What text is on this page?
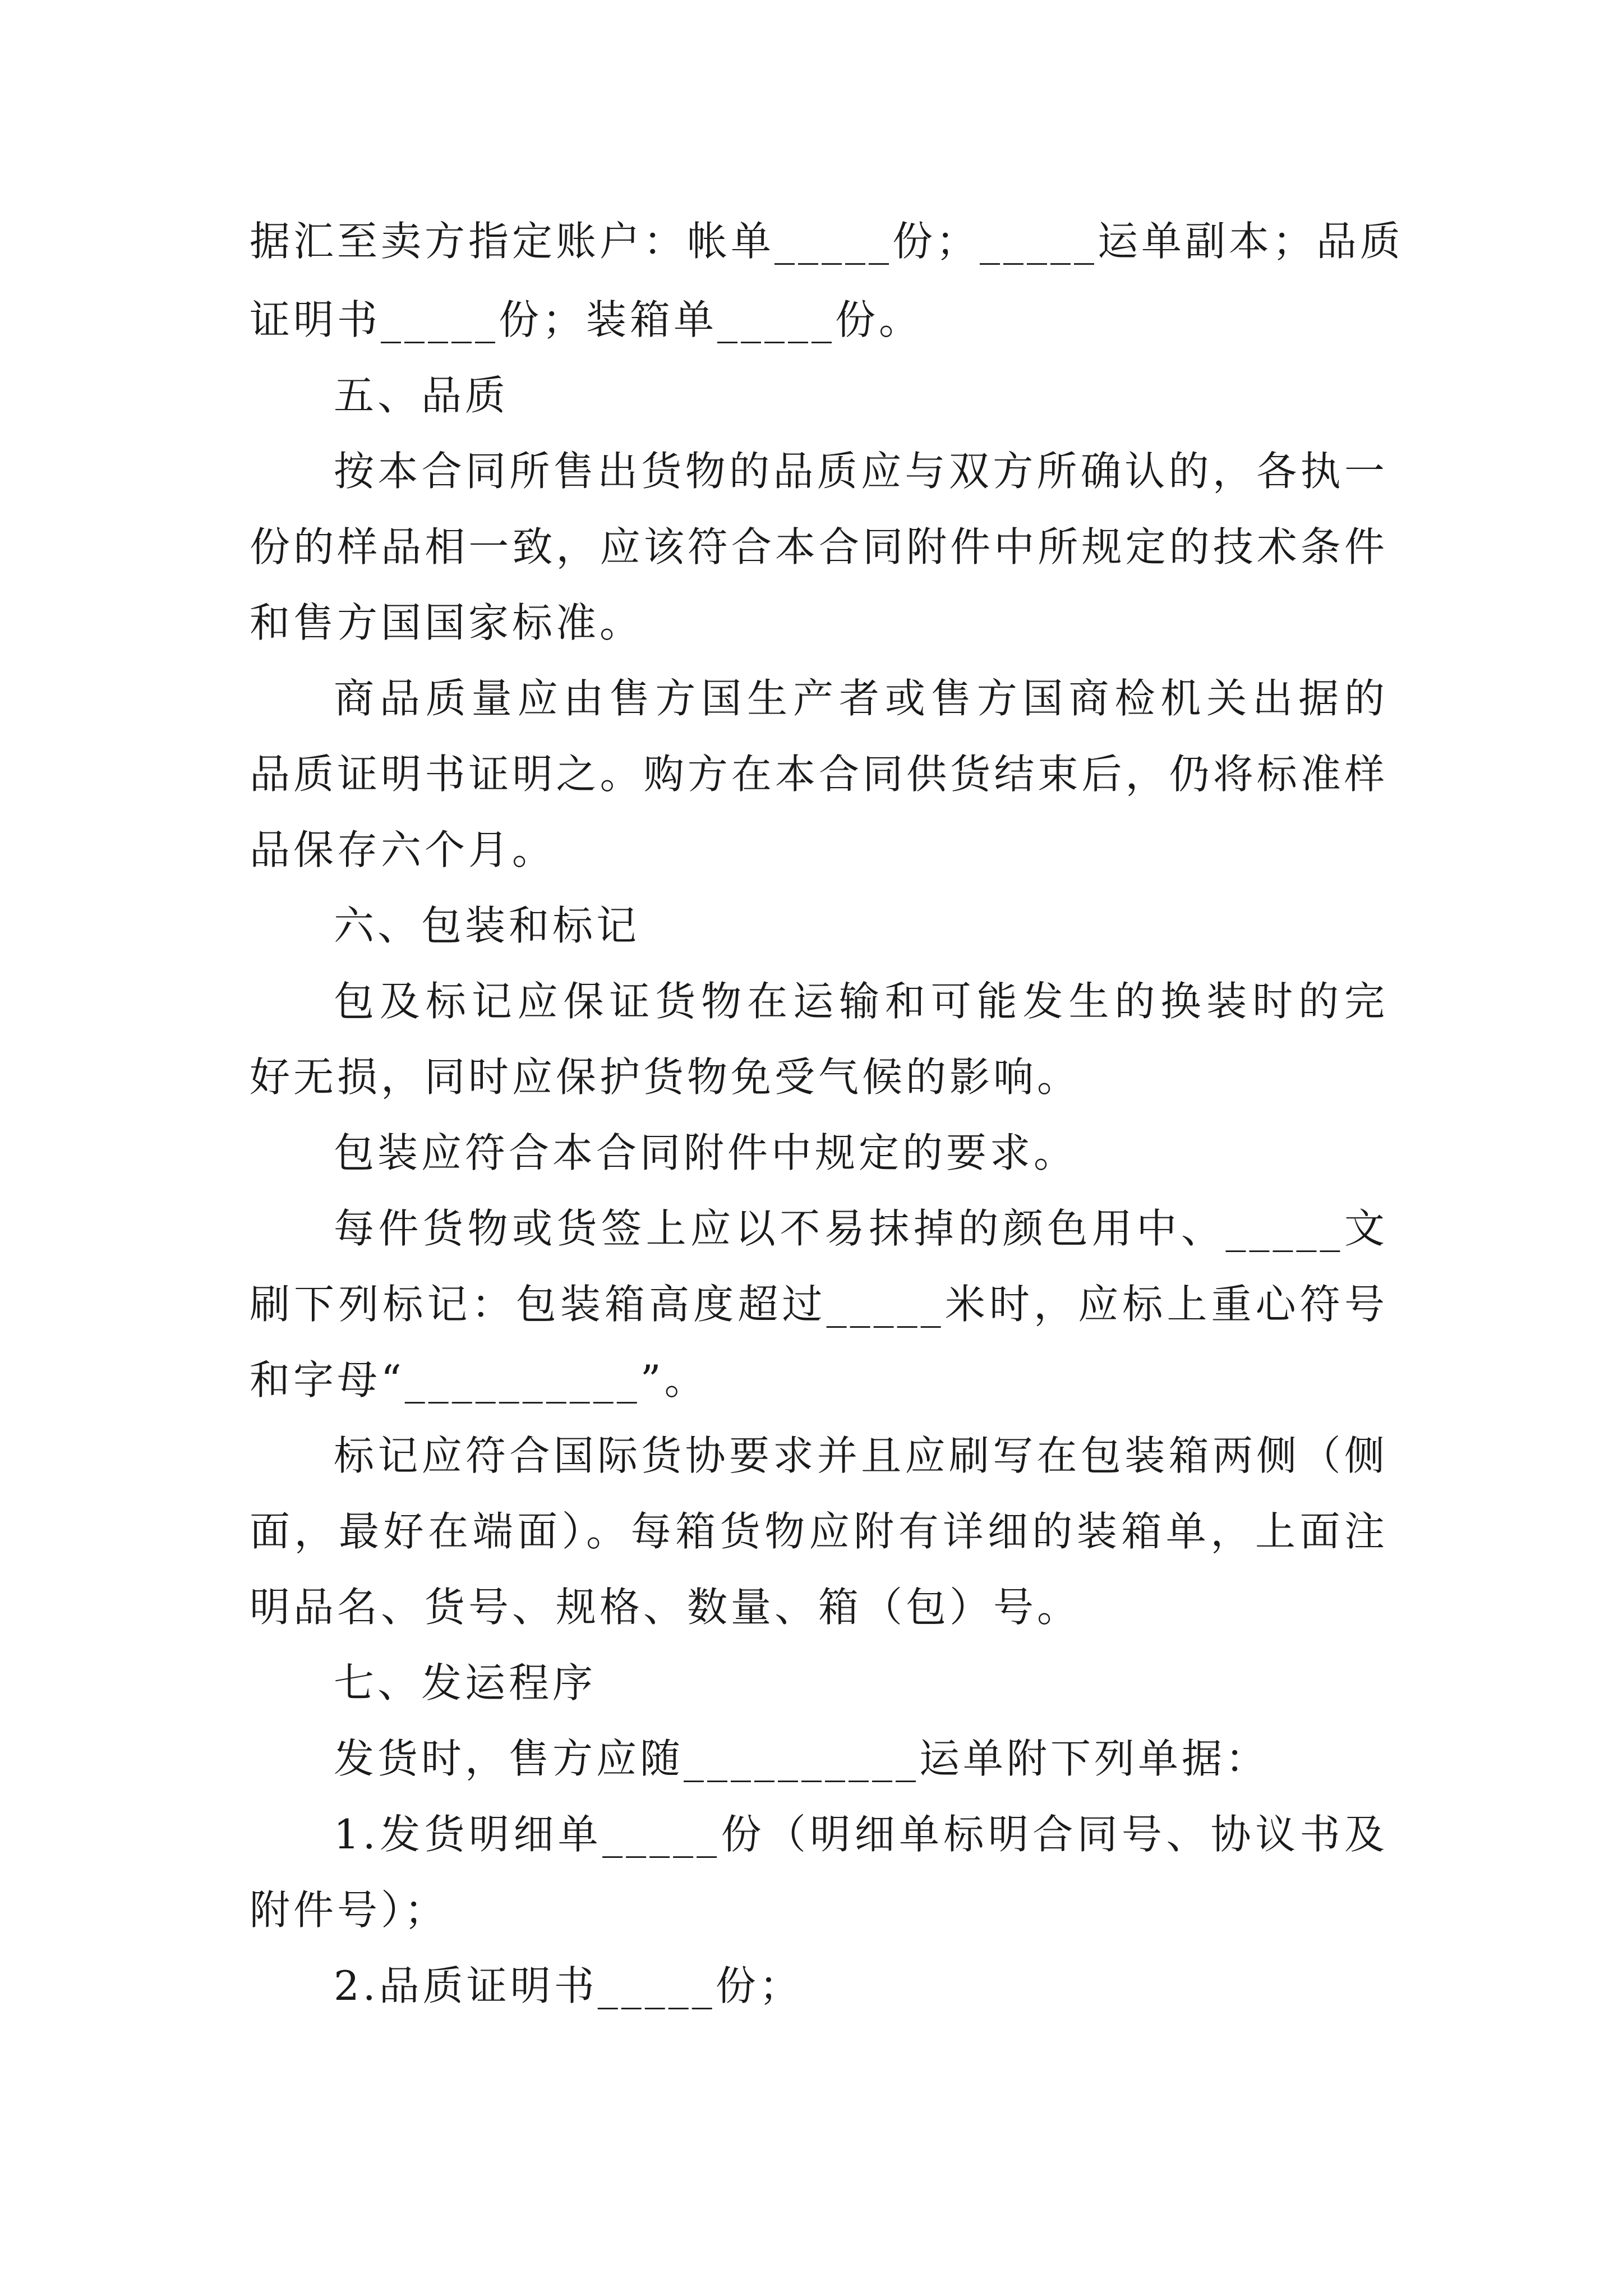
据汇至卖方指定账户：帐单_____份；_____运单副本；品质
证明书_____份；装箱单_____份。
五、品质
按本合同所售出货物的品质应与双方所确认的，各执一
份的样品相一致，应该符合本合同附件中所规定的技术条件
和售方国国家标准。
商品质量应由售方国生产者或售方国商检机关出据的
品质证明书证明之。购方在本合同供货结束后，仍将标准样
品保存六个月。
六、包装和标记
包及标记应保证货物在运输和可能发生的换装时的完
好无损，同时应保护货物免受气候的影响。
包装应符合本合同附件中规定的要求。
每件货物或货签上应以不易抹掉的颜色用中、_____文
刷下列标记：包装箱高度超过_____米时，应标上重心符号
和字母“__________”。
标记应符合国际货协要求并且应刷写在包装箱两侧（侧
面，最好在端面）。每箱货物应附有详细的装箱单，上面注
明品名、货号、规格、数量、箱（包）号。
七、发运程序
发货时，售方应随__________运单附下列单据：
1.发货明细单_____份（明细单标明合同号、协议书及
附件号）；
2.品质证明书_____份；
